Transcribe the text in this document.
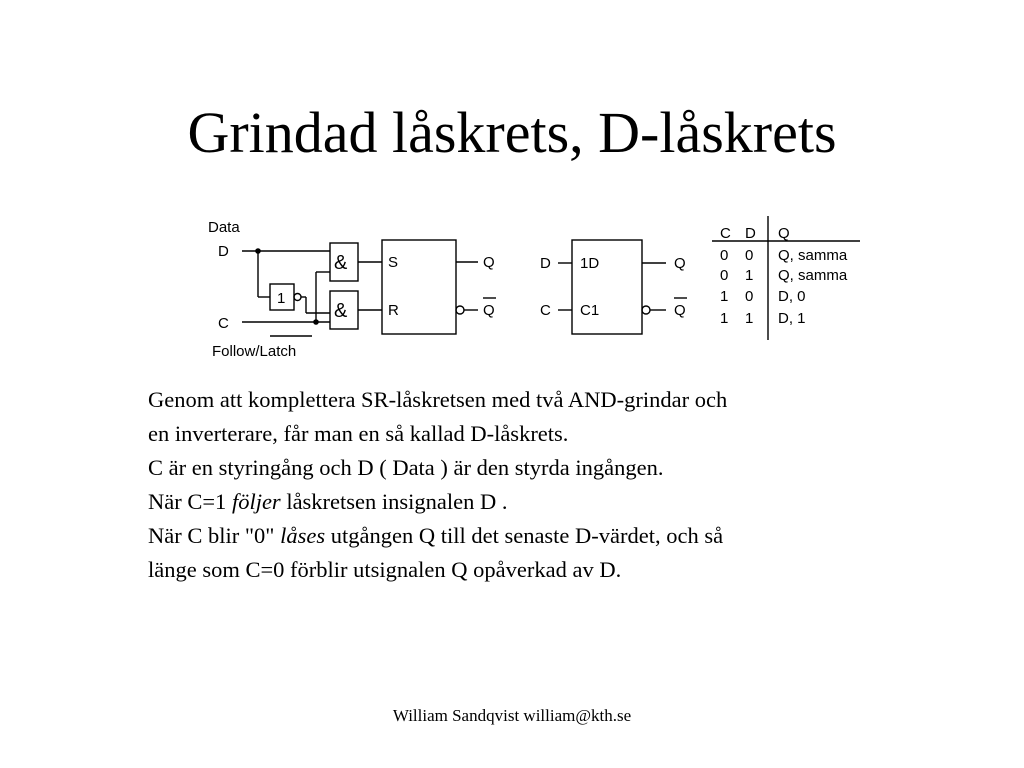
Grindad låskrets, D-låskrets
Data
D
C
Follow/Latch
&
&
1
S
R
Q
Q
D
C
1D
C1
Q
Q
C D Q
0 0 Q, samma
0 1 Q, samma
1 0 D, 0
1 1 D, 1

Genom att komplettera SR-låskretsen med två AND-grindar och

en inverterare, får man en så kallad D-låskrets.

C är en styringång och D ( Data ) är den styrda ingången.

När C=1 följer låskretsen insignalen D .

När C blir "0" låses utgången Q till det senaste D-värdet, och så

länge som C=0 förblir utsignalen Q opåverkad av D.

William Sandqvist william@kth.se
